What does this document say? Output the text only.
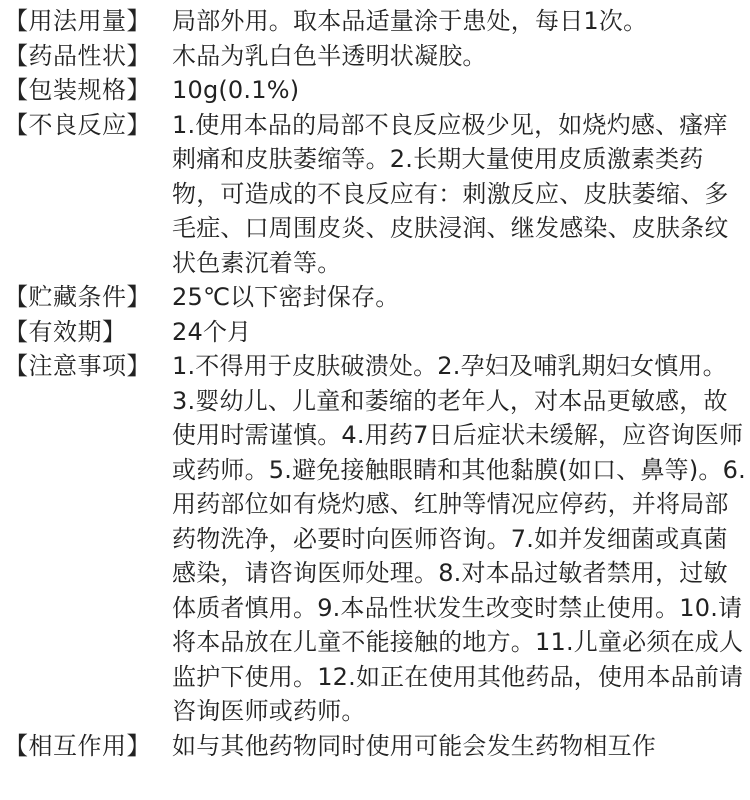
【用法用量】 局部外用。取本品适量涂于患处，每日1次。
【药品性状】 木品为乳白色半透明状凝胶。
【包装规格】 10g(0.1%)
【不良反应】 1.使用本品的局部不良反应极少见，如烧灼感、瘙痒刺痛和皮肤萎缩等。2.长期大量使用皮质激素类药物，可造成的不良反应有：刺激反应、皮肤萎缩、多毛症、口周围皮炎、皮肤浸润、继发感染、皮肤条纹状色素沉着等。
【贮藏条件】 25℃以下密封保存。
【有效期】	24个月
【注意事项】 1.不得用于皮肤破溃处。2.孕妇及哺乳期妇女慎用。3.婴幼儿、儿童和萎缩的老年人，对本品更敏感，故使用时需谨慎。4.用药7日后症状未缓解，应咨询医师或药师。5.避免接触眼睛和其他黏膜(如口、鼻等)。6.用药部位如有烧灼感、红肿等情况应停药，并将局部药物洗净，必要时向医师咨询。7.如并发细菌或真菌感染，请咨询医师处理。8.对本品过敏者禁用，过敏体质者慎用。9.本品性状发生改变时禁止使用。10.请将本品放在儿童不能接触的地方。11.儿童必须在成人监护下使用。12.如正在使用其他药品，使用本品前请咨询医师或药师。
【相互作用】 如与其他药物同时使用可能会发生药物相互作
